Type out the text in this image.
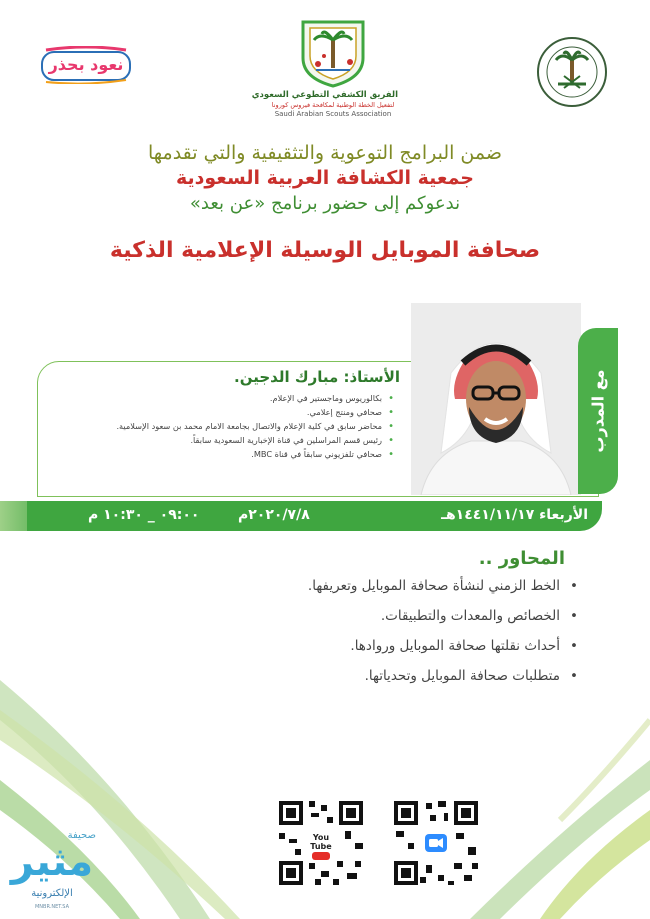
نعود بحذر
الفريق الكشفي التطوعي السعودي
لتفعيل الخطة الوطنية لمكافحة فيروس كورونا
Saudi Arabian Scouts Association
ضمن البرامج التوعوية والتثقيفية والتي تقدمها
جمعية الكشافة العربية السعودية
ندعوكم إلى حضور برنامج «عن بعد»
صحافة الموبايل الوسيلة الإعلامية الذكية
مع المدرب
الأستاذ: مبارك الدجين.
• بكالوريوس وماجستير في الإعلام.
• صحافي ومنتج إعلامي.
• محاضر سابق في كلية الإعلام والاتصال بجامعة الامام محمد بن سعود الإسلامية.
• رئيس قسم المراسلين في قناة الإخبارية السعودية سابقاً.
• صحافي تلفزيوني سابقاً في قناة MBC.
الأربعاء ١٤٤١/١١/١٧هـ
٢٠٢٠/٧/٨م
٠٩:٠٠ _ ١٠:٣٠ م
المحاور ..
• الخط الزمني لنشأة صحافة الموبايل وتعريفها.
• الخصائص والمعدات والتطبيقات.
• أحداث نقلتها صحافة الموبايل وروادها.
• متطلبات صحافة الموبايل وتحدياتها.
You Tube
صحيفة
مثير
الإلكترونية
MNBR.NET.SA
